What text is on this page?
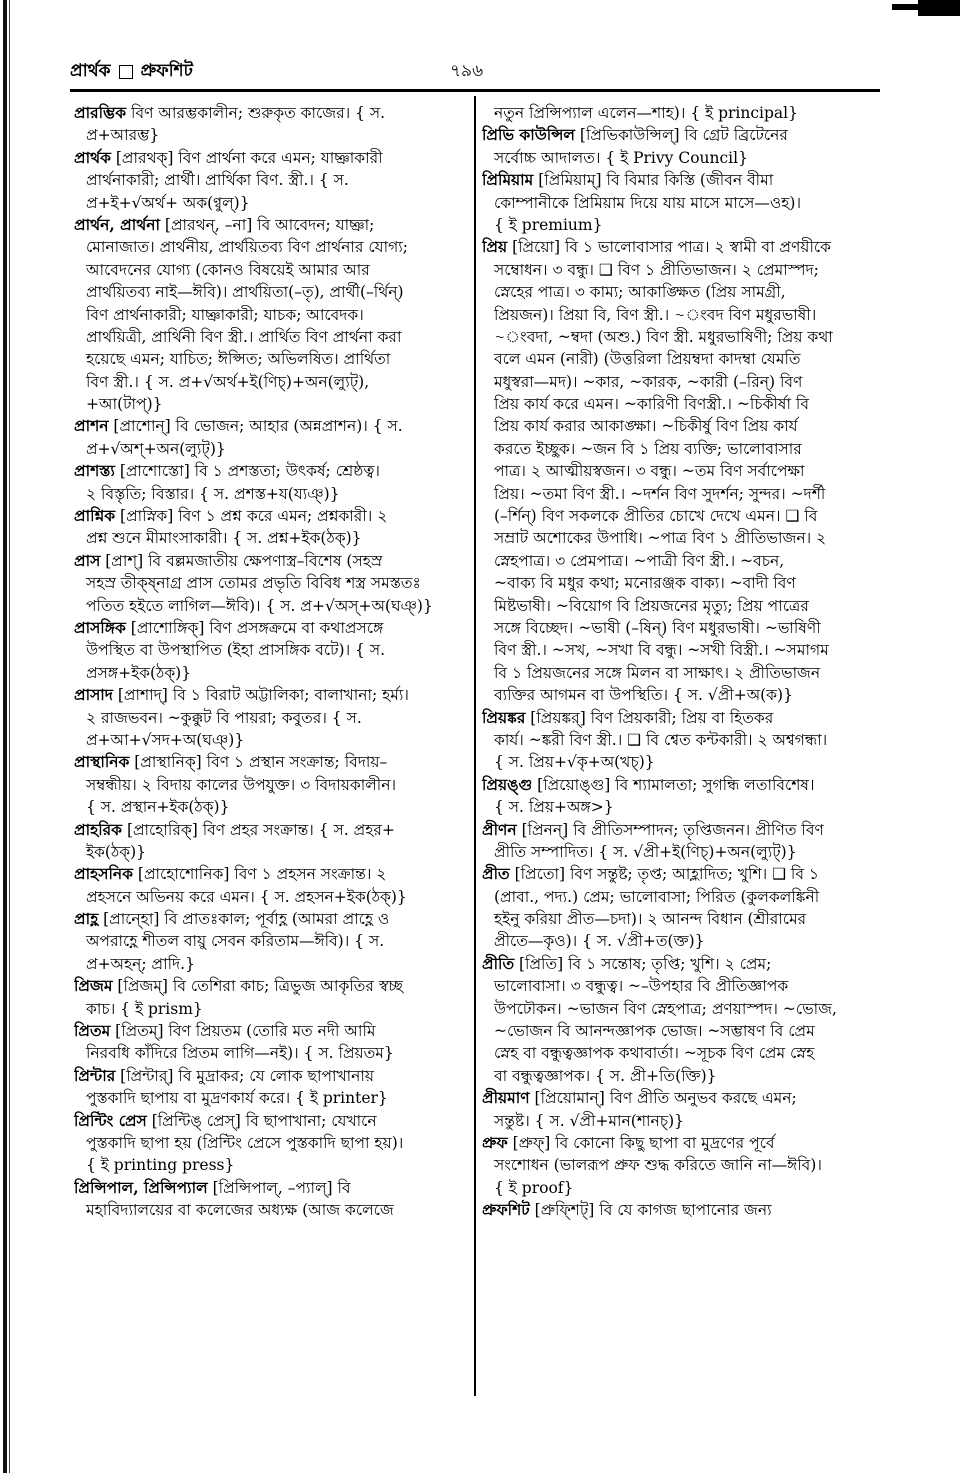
প্রার্থক প্রুফশিট	৭৯৬
প্রারম্ভিক বিণ আরম্ভকালীন; শুরুকৃত কাজের। { স.
প্র+আরম্ভ}
প্রার্থক [প্রারথক্] বিণ প্রার্থনা করে এমন; যাচ্ঞাকারী
প্রার্থনাকারী; প্রার্থী। প্রার্থিকা বিণ. স্ত্রী.। { স.
প্র+ই+√অর্থ+ অক(ণ্বুল্)}
প্রার্থন, প্রার্থনা [প্রারথন্, –না] বি আবেদন; যাচ্ঞা;
মোনাজাত। প্রার্থনীয়, প্রার্থয়িতব্য বিণ প্রার্থনার যোগ্য;
আবেদনের যোগ্য (কোনও বিষয়েই আমার আর
প্রার্থয়িতব্য নাই—ঈবি)। প্রার্থয়িতা(–তৃ), প্রার্থী(–র্থিন্)
বিণ প্রার্থনাকারী; যাচ্ঞাকারী; যাচক; আবেদক।
প্রার্থয়িত্রী, প্রার্থিনী বিণ স্ত্রী.। প্রার্থিত বিণ প্রার্থনা করা
হয়েছে এমন; যাচিত; ঈপ্সিত; অভিলষিত। প্রার্থিতা
বিণ স্ত্রী.। { স. প্র+√অর্থ+ই(ণিচ্)+অন(ল্যুট্),
+আ(টাপ্)}
প্রাশন [প্রাশোন্] বি ভোজন; আহার (অন্নপ্রাশন)। { স.
প্র+√অশ্+অন(ল্যুট্)}
প্রাশস্ত্য [প্রাশোস্তো] বি ১ প্রশস্ততা; উৎকর্ষ; শ্রেষ্ঠত্ব।
২ বিস্তৃতি; বিস্তার। { স. প্রশস্ত+য(য্যঞ্)}
প্রাশ্নিক [প্রাস্নিক] বিণ ১ প্রশ্ন করে এমন; প্রশ্নকারী। ২
প্রশ্ন শুনে মীমাংসাকারী। { স. প্রশ্ন+ইক(ঠক্)}
প্রাস [প্রাশ্] বি বল্লমজাতীয় ক্ষেপণাস্ত্র–বিশেষ (সহস্র
সহস্র তীক্ষ্নাগ্র প্রাস তোমর প্রভৃতি বিবিধ শস্ত্র সমস্ততঃ
পতিত হইতে লাগিল—ঈবি)। { স. প্র+√অস্+অ(ঘঞ্)}
প্রাসঙ্গিক [প্রাশোঙ্গিক্] বিণ প্রসঙ্গক্রমে বা কথাপ্রসঙ্গে
উপস্থিত বা উপস্থাপিত (ইহা প্রাসঙ্গিক বটে)। { স.
প্রসঙ্গ+ইক(ঠক্)}
প্রাসাদ [প্রাশাদ্] বি ১ বিরাট অট্টালিকা; বালাখানা; হর্ম্য।
২ রাজভবন। ~কুক্কুট বি পায়রা; কবুতর। { স.
প্র+আ+√সদ+অ(ঘঞ্)}
প্রাস্থানিক [প্রাস্থানিক্] বিণ ১ প্রস্থান সংক্রান্ত; বিদায়–
সম্বন্ধীয়। ২ বিদায় কালের উপযুক্ত। ৩ বিদায়কালীন।
{ স. প্রস্থান+ইক(ঠক্)}
প্রাহরিক [প্রাহোরিক্] বিণ প্রহর সংক্রান্ত। { স. প্রহর+
ইক(ঠক্)}
প্রাহসনিক [প্রাহোশোনিক] বিণ ১ প্রহসন সংক্রান্ত। ২
প্রহসনে অভিনয় করে এমন। { স. প্রহসন+ইক(ঠক্)}
প্রাহ্ণ [প্রান্হো] বি প্রাতঃকাল; পূর্বাহ্ণ (আমরা প্রাহ্ণে ও
অপরাহ্ণে শীতল বায়ু সেবন করিতাম—ঈবি)। { স.
প্র+অহন্; প্রাদি.}
প্রিজম [প্রিজম্] বি তেশিরা কাচ; ত্রিভুজ আকৃতির স্বচ্ছ
কাচ। { ই prism}
প্রিতম [প্রিতম্] বিণ প্রিয়তম (তোরি মত নদী আমি
নিরবধি কাঁদিরে প্রিতম লাগি—নই)। { স. প্রিয়তম}
প্রিন্টার [প্রিন্টার্] বি মুদ্রাকর; যে লোক ছাপাখানায়
পুস্তকাদি ছাপায় বা মুদ্রণকার্য করে। { ই printer}
প্রিন্টিং প্রেস [প্রিন্টিঙ্ প্রেস্] বি ছাপাখানা; যেখানে
পুস্তকাদি ছাপা হয় (প্রিন্টিং প্রেসে পুস্তকাদি ছাপা হয়)।
{ ই printing press}
প্রিন্সিপাল, প্রিন্সিপ্যাল [প্রিন্সিপাল্, –প্যাল্] বি
মহাবিদ্যালয়ের বা কলেজের অধ্যক্ষ (আজ কলেজে
নতুন প্রিন্সিপ্যাল এলেন—শাহ)। { ই principal}
প্রিভি কাউন্সিল [প্রিভিকাউন্সিল্] বি গ্রেট ব্রিটেনের
সর্বোচ্চ আদালত। { ই Privy Council}
প্রিমিয়াম [প্রিমিয়াম্] বি বিমার কিস্তি (জীবন বীমা
কোম্পানীকে প্রিমিয়াম দিয়ে যায় মাসে মাসে—ওহ)।
{ ই premium}
প্রিয় [প্রিয়ো] বি ১ ভালোবাসার পাত্র। ২ স্বামী বা প্রণয়ীকে
সম্বোধন। ৩ বন্ধু। ❑ বিণ ১ প্রীতিভাজন। ২ প্রেমাস্পদ;
স্নেহের পাত্র। ৩ কাম্য; আকাঙ্ক্ষিত (প্রিয় সামগ্রী,
প্রিয়জন)। প্রিয়া বি, বিণ স্ত্রী.। ~ংবদ বিণ মধুরভাষী।
~ংবদা, ~ম্বদা (অশু.) বিণ স্ত্রী. মধুরভাষিণী; প্রিয় কথা
বলে এমন (নারী) (উত্তরিলা প্রিয়ম্বদা কাদম্বা যেমতি
মধুস্বরা—মদ)। ~কার, ~কারক, ~কারী (–রিন্) বিণ
প্রিয় কার্য করে এমন। ~কারিণী বিণস্ত্রী.। ~চিকীর্ষা বি
প্রিয় কার্য করার আকাঙ্ক্ষা। ~চিকীর্ষু বিণ প্রিয় কার্য
করতে ইচ্ছুক। ~জন বি ১ প্রিয় ব্যক্তি; ভালোবাসার
পাত্র। ২ আত্মীয়স্বজন। ৩ বন্ধু। ~তম বিণ সর্বাপেক্ষা
প্রিয়। ~তমা বিণ স্ত্রী.। ~দর্শন বিণ সুদর্শন; সুন্দর। ~দর্শী
(–র্শিন্) বিণ সকলকে প্রীতির চোখে দেখে এমন। ❑ বি
সম্রাট অশোকের উপাধি। ~পাত্র বিণ ১ প্রীতিভাজন। ২
স্নেহপাত্র। ৩ প্রেমপাত্র। ~পাত্রী বিণ স্ত্রী.। ~বচন,
~বাক্য বি মধুর কথা; মনোরঞ্জক বাক্য। ~বাদী বিণ
মিষ্টভাষী। ~বিয়োগ বি প্রিয়জনের মৃত্যু; প্রিয় পাত্রের
সঙ্গে বিচ্ছেদ। ~ভাষী (–ষিন্) বিণ মধুরভাষী। ~ভাষিণী
বিণ স্ত্রী.। ~সখ, ~সখা বি বন্ধু। ~সখী বিস্ত্রী.। ~সমাগম
বি ১ প্রিয়জনের সঙ্গে মিলন বা সাক্ষাৎ। ২ প্রীতিভাজন
ব্যক্তির আগমন বা উপস্থিতি। { স. √প্রী+অ(ক)}
প্রিয়ঙ্কর [প্রিয়ঙ্কর্] বিণ প্রিয়কারী; প্রিয় বা হিতকর
কার্য। ~ঙ্করী বিণ স্ত্রী.। ❑ বি শ্বেত কন্টকারী। ২ অশ্বগন্ধা।
{ স. প্রিয়+√কৃ+অ(খচ্)}
প্রিয়ঙ্গু [প্রিয়োঙ্গু] বি শ্যামালতা; সুগন্ধি লতাবিশেষ।
{ স. প্রিয়+অঙ্গ>}
প্রীণন [প্রিনন্] বি প্রীতিসম্পাদন; তৃপ্তিজনন। প্রীণিত বিণ
প্রীতি সম্পাদিত। { স. √প্রী+ই(ণিচ্)+অন(ল্যুট্)}
প্রীত [প্রিতো] বিণ সন্তুষ্ট; তৃপ্ত; আহ্লাদিত; খুশি। ❑ বি ১
(প্রাবা., পদ্য.) প্রেম; ভালোবাসা; পিরিত (কুলকলঙ্কিনী
হইনু করিয়া প্রীত—চদা)। ২ আনন্দ বিধান (শ্রীরামের
প্রীতে—কৃও)। { স. √প্রী+ত(ক্ত)}
প্রীতি [প্রিতি] বি ১ সন্তোষ; তৃপ্তি; খুশি। ২ প্রেম;
ভালোবাসা। ৩ বন্ধুত্ব। ~–উপহার বি প্রীতিজ্ঞাপক
উপঢৌকন। ~ভাজন বিণ স্নেহপাত্র; প্রণয়াস্পদ। ~ভোজ,
~ভোজন বি আনন্দজ্ঞাপক ভোজ। ~সম্ভাষণ বি প্রেম
স্নেহ বা বন্ধুত্বজ্ঞাপক কথাবার্তা। ~সূচক বিণ প্রেম স্নেহ
বা বন্ধুত্বজ্ঞাপক। { স. প্রী+তি(ক্তি)}
প্রীয়মাণ [প্রিয়োমান্] বিণ প্রীতি অনুভব করছে এমন;
সন্তুষ্ট। { স. √প্রী+মান(শানচ্)}
প্রুফ [প্রুফ্] বি কোনো কিছু ছাপা বা মুদ্রণের পূর্বে
সংশোধন (ভালরূপ প্রুফ শুদ্ধ করিতে জানি না—ঈবি)।
{ ই proof}
প্রুফশিট [প্রুফ্শিট্] বি যে কাগজ ছাপানোর জন্য
